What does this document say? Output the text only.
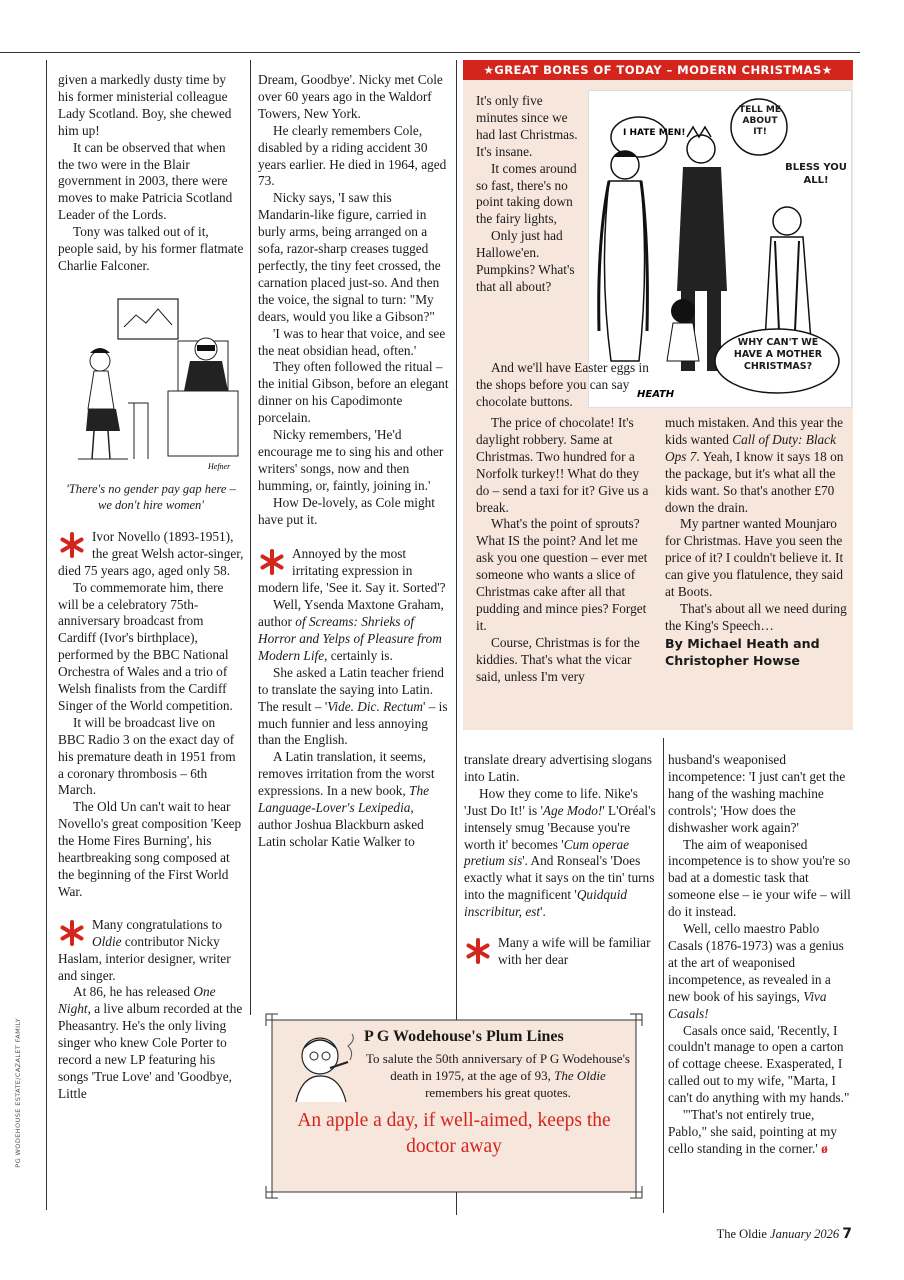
PG WODEHOUSE ESTATE/CAZALET FAMILY

given a markedly dusty time by his former ministerial colleague Lady Scotland. Boy, she chewed him up!

It can be observed that when the two were in the Blair government in 2003, there were moves to make Patricia Scotland Leader of the Lords.

Tony was talked out of it, people said, by his former flatmate Charlie Falconer.

Hefner
'There's no gender pay gap here – we don't hire women'

Ivor Novello (1893-1951), the great Welsh actor-singer, died 75 years ago, aged only 58.

To commemorate him, there will be a celebratory 75th-anniversary broadcast from Cardiff (Ivor's birthplace), performed by the BBC National Orchestra of Wales and a trio of Welsh finalists from the Cardiff Singer of the World competition.

It will be broadcast live on BBC Radio 3 on the exact day of his premature death in 1951 from a coronary thrombosis – 6th March.

The Old Un can't wait to hear Novello's great composition 'Keep the Home Fires Burning', his heartbreaking song composed at the beginning of the First World War.

Many congratulations to Oldie contributor Nicky Haslam, interior designer, writer and singer.

At 86, he has released One Night, a live album recorded at the Pheasantry. He's the only living singer who knew Cole Porter to record a new LP featuring his songs 'True Love' and 'Goodbye, Little

Dream, Goodbye'. Nicky met Cole over 60 years ago in the Waldorf Towers, New York.

He clearly remembers Cole, disabled by a riding accident 30 years earlier. He died in 1964, aged 73.

Nicky says, 'I saw this Mandarin-like figure, carried in burly arms, being arranged on a sofa, razor-sharp creases tugged perfectly, the tiny feet crossed, the carnation placed just-so. And then the voice, the signal to turn: "My dears, would you like a Gibson?"

'I was to hear that voice, and see the neat obsidian head, often.'

They often followed the ritual – the initial Gibson, before an elegant dinner on his Capodimonte porcelain.

Nicky remembers, 'He'd encourage me to sing his and other writers' songs, now and then humming, or, faintly, joining in.'

How De-lovely, as Cole might have put it.

Annoyed by the most irritating expression in modern life, 'See it. Say it. Sorted'?

Well, Ysenda Maxtone Graham, author of Screams: Shrieks of Horror and Yelps of Pleasure from Modern Life, certainly is.

She asked a Latin teacher friend to translate the saying into Latin. The result – 'Vide. Dic. Rectum' – is much funnier and less annoying than the English.

A Latin translation, it seems, removes irritation from the worst expressions. In a new book, The Language-Lover's Lexipedia, author Joshua Blackburn asked Latin scholar Katie Walker to

★GREAT BORES OF TODAY – MODERN CHRISTMAS★
I HATE MEN!
TELL ME ABOUT IT!
BLESS YOU ALL!
WHY CAN'T WE HAVE A MOTHER CHRISTMAS?
HEATH

It's only five minutes since we had last Christmas. It's insane.

It comes around so fast, there's no point taking down the fairy lights,

Only just had Hallowe'en. Pumpkins? What's that all about?

And we'll have Easter eggs in the shops before you can say chocolate buttons.

The price of chocolate! It's daylight robbery. Same at Christmas. Two hundred for a Norfolk turkey!! What do they do – send a taxi for it? Give us a break.

What's the point of sprouts? What IS the point? And let me ask you one question – ever met someone who wants a slice of Christmas cake after all that pudding and mince pies? Forget it.

Course, Christmas is for the kiddies. That's what the vicar said, unless I'm very

much mistaken. And this year the kids wanted Call of Duty: Black Ops 7. Yeah, I know it says 18 on the package, but it's what all the kids want. So that's another £70 down the drain.

My partner wanted Mounjaro for Christmas. Have you seen the price of it? I couldn't believe it. It can give you flatulence, they said at Boots.

That's about all we need during the King's Speech…

By Michael Heath and
Christopher Howse

translate dreary advertising slogans into Latin.

How they come to life. Nike's 'Just Do It!' is 'Age Modo!' L'Oréal's intensely smug 'Because you're worth it' becomes 'Cum operae pretium sis'. And Ronseal's 'Does exactly what it says on the tin' turns into the magnificent 'Quidquid inscribitur, est'.

Many a wife will be familiar with her dear

husband's weaponised incompetence: 'I just can't get the hang of the washing machine controls'; 'How does the dishwasher work again?'

The aim of weaponised incompetence is to show you're so bad at a domestic task that someone else – ie your wife – will do it instead.

Well, cello maestro Pablo Casals (1876-1973) was a genius at the art of weaponised incompetence, as revealed in a new book of his sayings, Viva Casals!

Casals once said, 'Recently, I couldn't manage to open a carton of cottage cheese. Exasperated, I called out to my wife, "Marta, I can't do anything with my hands."

'"That's not entirely true, Pablo," she said, pointing at my cello standing in the corner.' ø

P G Wodehouse's Plum Lines
To salute the 50th anniversary of P G Wodehouse's death in 1975, at the age of 93, The Oldie remembers his great quotes.
An apple a day, if well-aimed, keeps the doctor away
The Oldie January 2026 7
